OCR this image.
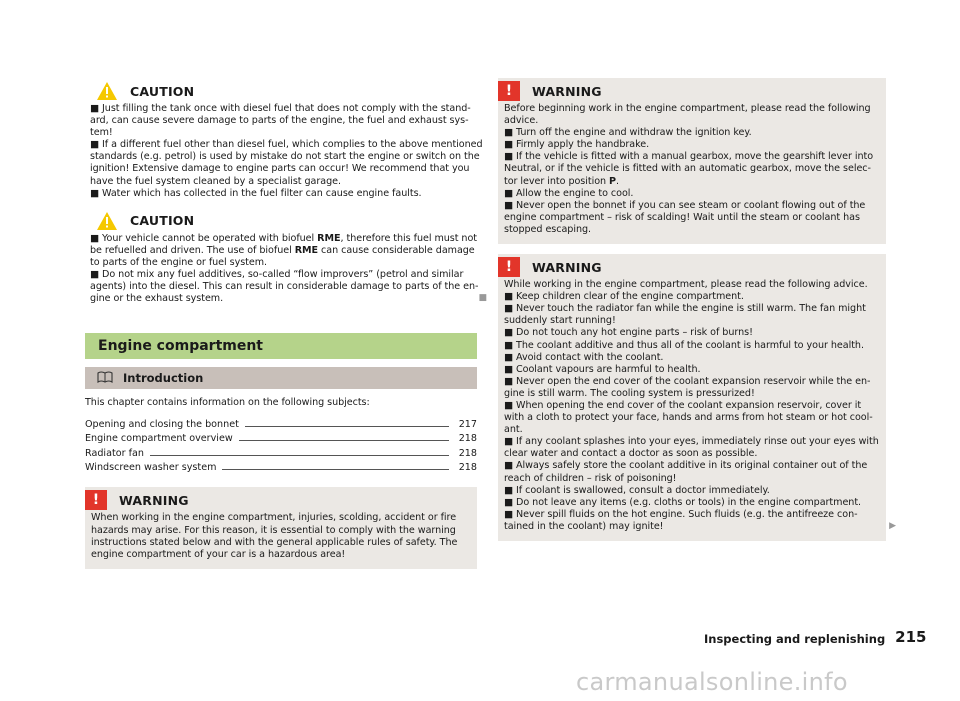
CAUTION

■ Just filling the tank once with diesel fuel that does not comply with the stand-

ard, can cause severe damage to parts of the engine, the fuel and exhaust sys-

tem!

■ If a different fuel other than diesel fuel, which complies to the above mentioned

standards (e.g. petrol) is used by mistake do not start the engine or switch on the

ignition! Extensive damage to engine parts can occur! We recommend that you

have the fuel system cleaned by a specialist garage.

■ Water which has collected in the fuel filter can cause engine faults.

CAUTION

■ Your vehicle cannot be operated with biofuel RME, therefore this fuel must not

be refuelled and driven. The use of biofuel RME can cause considerable damage

to parts of the engine or fuel system.

■ Do not mix any fuel additives, so-called “flow improvers” (petrol and similar

agents) into the diesel. This can result in considerable damage to parts of the en-

gine or the exhaust system.	■
Engine compartment
Introduction

This chapter contains information on the following subjects:

Opening and closing the bonnet	217
Engine compartment overview	218
Radiator fan	218
Windscreen washer system	218
!	WARNING

When working in the engine compartment, injuries, scolding, accident or fire

hazards may arise. For this reason, it is essential to comply with the warning

instructions stated below and with the general applicable rules of safety. The

engine compartment of your car is a hazardous area!

!	WARNING

Before beginning work in the engine compartment, please read the following

advice.

■ Turn off the engine and withdraw the ignition key.

■ Firmly apply the handbrake.

■ If the vehicle is fitted with a manual gearbox, move the gearshift lever into

Neutral, or if the vehicle is fitted with an automatic gearbox, move the selec-

tor lever into position P.

■ Allow the engine to cool.

■ Never open the bonnet if you can see steam or coolant flowing out of the

engine compartment – risk of scalding! Wait until the steam or coolant has

stopped escaping.

!	WARNING

While working in the engine compartment, please read the following advice.

■ Keep children clear of the engine compartment.

■ Never touch the radiator fan while the engine is still warm. The fan might

suddenly start running!

■ Do not touch any hot engine parts – risk of burns!

■ The coolant additive and thus all of the coolant is harmful to your health.

■ Avoid contact with the coolant.

■ Coolant vapours are harmful to health.

■ Never open the end cover of the coolant expansion reservoir while the en-

gine is still warm. The cooling system is pressurized!

■ When opening the end cover of the coolant expansion reservoir, cover it

with a cloth to protect your face, hands and arms from hot steam or hot cool-

ant.

■ If any coolant splashes into your eyes, immediately rinse out your eyes with

clear water and contact a doctor as soon as possible.

■ Always safely store the coolant additive in its original container out of the

reach of children – risk of poisoning!

■ If coolant is swallowed, consult a doctor immediately.

■ Do not leave any items (e.g. cloths or tools) in the engine compartment.

■ Never spill fluids on the hot engine. Such fluids (e.g. the antifreeze con-

tained in the coolant) may ignite!	▶
Inspecting and replenishing 215
carmanualsonline.info
